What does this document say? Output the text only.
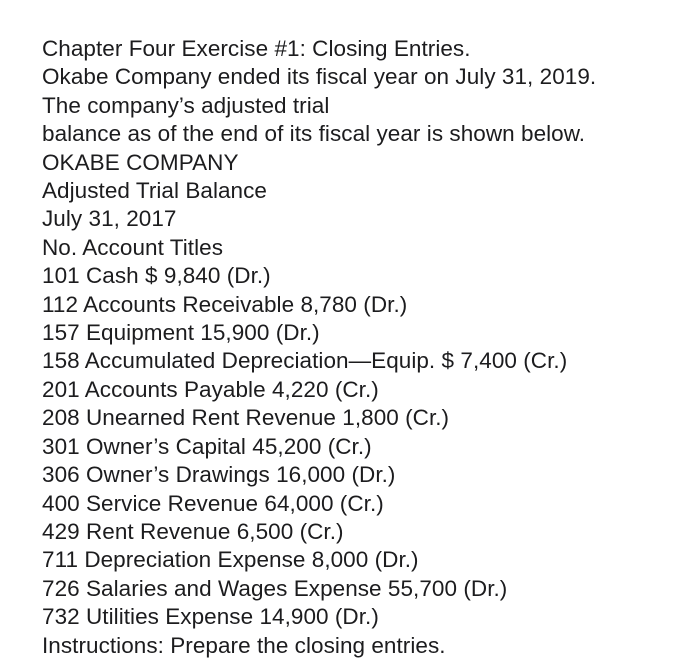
Chapter Four Exercise #1: Closing Entries.
Okabe Company ended its fiscal year on July 31, 2019.
The company’s adjusted trial
balance as of the end of its fiscal year is shown below.
OKABE COMPANY
Adjusted Trial Balance
July 31, 2017
No. Account Titles
101 Cash $ 9,840 (Dr.)
112 Accounts Receivable 8,780 (Dr.)
157 Equipment 15,900 (Dr.)
158 Accumulated Depreciation—Equip. $ 7,400 (Cr.)
201 Accounts Payable 4,220 (Cr.)
208 Unearned Rent Revenue 1,800 (Cr.)
301 Owner’s Capital 45,200 (Cr.)
306 Owner’s Drawings 16,000 (Dr.)
400 Service Revenue 64,000 (Cr.)
429 Rent Revenue 6,500 (Cr.)
711 Depreciation Expense 8,000 (Dr.)
726 Salaries and Wages Expense 55,700 (Dr.)
732 Utilities Expense 14,900 (Dr.)
Instructions: Prepare the closing entries.
